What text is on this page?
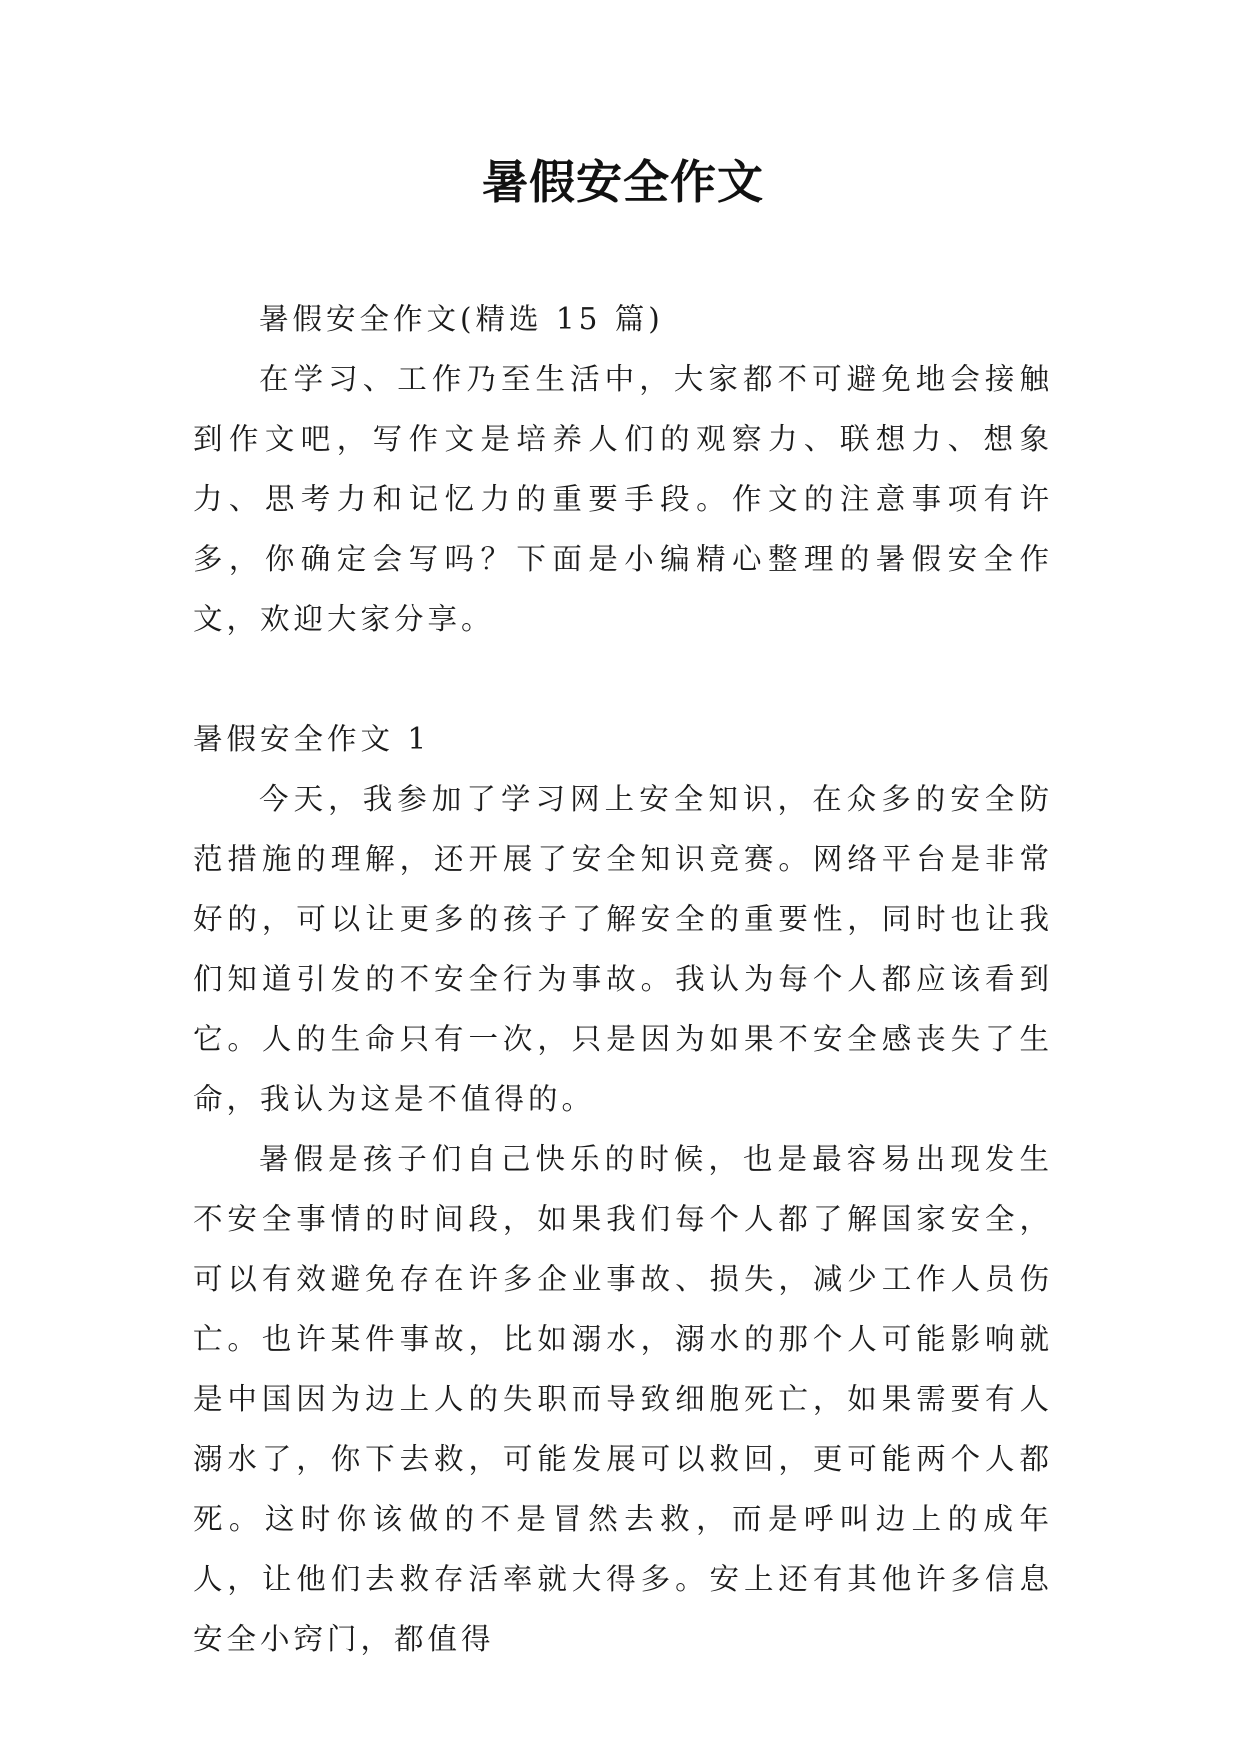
暑假安全作文

暑假安全作文(精选 15 篇)

在学习、工作乃至生活中，大家都不可避免地会接触到作文吧，写作文是培养人们的观察力、联想力、想象力、思考力和记忆力的重要手段。作文的注意事项有许多，你确定会写吗？下面是小编精心整理的暑假安全作文，欢迎大家分享。

暑假安全作文 1

今天，我参加了学习网上安全知识，在众多的安全防范措施的理解，还开展了安全知识竞赛。网络平台是非常好的，可以让更多的孩子了解安全的重要性，同时也让我们知道引发的不安全行为事故。我认为每个人都应该看到它。人的生命只有一次，只是因为如果不安全感丧失了生命，我认为这是不值得的。

暑假是孩子们自己快乐的时候，也是最容易出现发生不安全事情的时间段，如果我们每个人都了解国家安全，可以有效避免存在许多企业事故、损失，减少工作人员伤亡。也许某件事故，比如溺水，溺水的那个人可能影响就是中国因为边上人的失职而导致细胞死亡，如果需要有人溺水了，你下去救，可能发展可以救回，更可能两个人都死。这时你该做的不是冒然去救，而是呼叫边上的成年人，让他们去救存活率就大得多。安上还有其他许多信息安全小窍门，都值得
